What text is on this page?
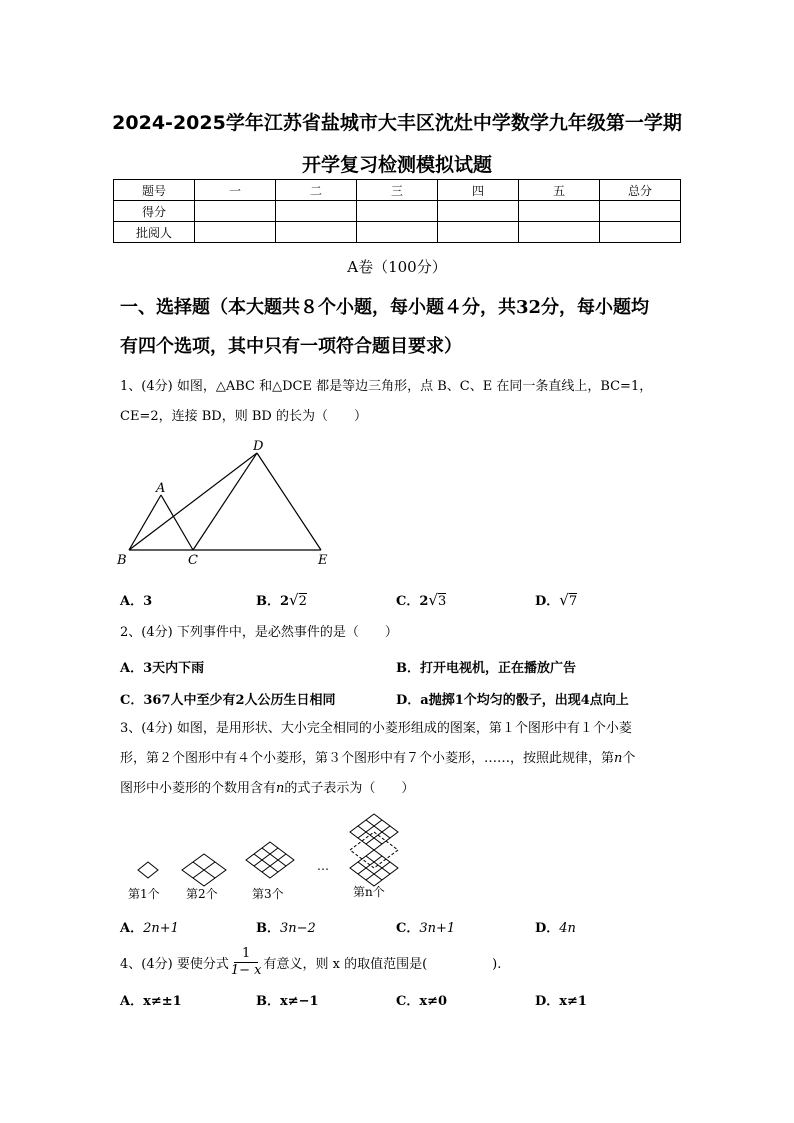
2024-2025学年江苏省盐城市大丰区沈灶中学数学九年级第一学期
开学复习检测模拟试题
题号	一	二	三	四	五	总分
得分						
批阅人						
A卷（100分）
一、选择题（本大题共８个小题，每小题４分，共32分，每小题均
有四个选项，其中只有一项符合题目要求）
1、(4分) 如图，△ABC 和△DCE 都是等边三角形，点 B、C、E 在同一条直线上，BC=1，
CE=2，连接 BD，则 BD 的长为（　　）
A
B	C
D
E
A．3	B．2√2	C．2√3	D．√7
2、(4分) 下列事件中，是必然事件的是（　　）
A．3天内下雨	B．打开电视机，正在播放广告
C．367人中至少有2人公历生日相同	D．a抛掷1个均匀的骰子，出现4点向上
3、(4分) 如图，是用形状、大小完全相同的小菱形组成的图案，第１个图形中有１个小菱
形，第２个图形中有４个小菱形，第３个图形中有７个小菱形，……，按照此规律，第n个
图形中小菱形的个数用含有n的式子表示为（　　）
…
第1个 第2个	第3个	第n个
A．2n+1	B．3n−2	C．3n+1	D．4n
4、(4分) 要使分式 $\frac{1}{1- x}$ 有意义，则 x 的取值范围是(　　　　　).
A．x≠±1	B．x≠−1	C．x≠0	D．x≠1
